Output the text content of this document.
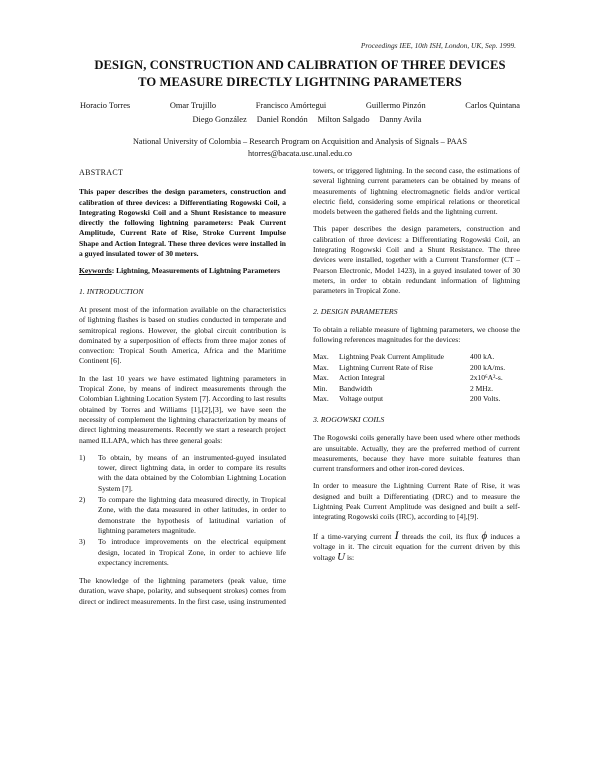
Proceedings IEE, 10th ISH, London, UK, Sep. 1999.
DESIGN, CONSTRUCTION AND CALIBRATION OF THREE DEVICES
TO MEASURE DIRECTLY LIGHTNING PARAMETERS
Horacio Torres	Omar Trujillo	Francisco Amórtegui	Guillermo Pinzón	Carlos Quintana
Diego González Daniel Rondón Milton Salgado Danny Avila
National University of Colombia – Research Program on Acquisition and Analysis of Signals – PAAS
htorres@bacata.usc.unal.edu.co
ABSTRACT

This paper describes the design parameters, construction and calibration of three devices: a Differentiating Rogowski Coil, a Integrating Rogowski Coil and a Shunt Resistance to measure directly the following lightning parameters: Peak Current Amplitude, Current Rate of Rise, Stroke Current Impulse Shape and Action Integral. These three devices were installed in a guyed insulated tower of 30 meters.

Keywords: Lightning, Measurements of Lightning Parameters

1. INTRODUCTION

At present most of the information available on the characteristics of lightning flashes is based on studies conducted in temperate and semitropical regions. However, the global circuit contribution is dominated by a superposition of effects from three major zones of convection: Tropical South America, Africa and the Maritime Continent [6].

In the last 10 years we have estimated lightning parameters in Tropical Zone, by means of indirect measurements through the Colombian Lightning Location System [7]. According to last results obtained by Torres and Williams [1],[2],[3], we have seen the necessity of complement the lightning characterization by means of direct lightning measurements. Recently we start a research project named ILLAPA, which has three general goals:

1)	To obtain, by means of an instrumented-guyed insulated tower, direct lightning data, in order to compare its results with the data obtained by the Colombian Lightning Location System [7].
2)	To compare the lightning data measured directly, in Tropical Zone, with the data measured in other latitudes, in order to demonstrate the hypothesis of latitudinal variation of lightning parameters magnitude.
3)	To introduce improvements on the electrical equipment design, located in Tropical Zone, in order to achieve life expectancy increments.

The knowledge of the lightning parameters (peak value, time duration, wave shape, polarity, and subsequent strokes) comes from direct or indirect measurements. In the first case, using instrumented

towers, or triggered lightning. In the second case, the estimations of several lightning current parameters can be obtained by means of measurements of lightning electromagnetic fields and/or vertical electric field, considering some empirical relations or theoretical models between the gathered fields and the lightning current.

This paper describes the design parameters, construction and calibration of three devices: a Differentiating Rogowski Coil, an Integrating Rogowski Coil and a Shunt Resistance. The three devices were installed, together with a Current Transformer (CT – Pearson Electronic, Model 1423), in a guyed insulated tower of 30 meters, in order to obtain redundant information of lightning parameters in Tropical Zone.

2. DESIGN PARAMETERS

To obtain a reliable measure of lightning parameters, we choose the following references magnitudes for the devices:

Max.	Lightning Peak Current Amplitude	400 kA.
Max.	Lightning Current Rate of Rise	200 kA/ms.
Max.	Action Integral	2x10⁶A²-s.
Min.	Bandwidth	2 MHz.
Max.	Voltage output	200 Volts.
3. ROGOWSKI COILS

The Rogowski coils generally have been used where other methods are unsuitable. Actually, they are the preferred method of current measurements, because they have more suitable features than current transformers and other iron-cored devices.

In order to measure the Lightning Current Rate of Rise, it was designed and built a Differentiating (DRC) and to measure the Lightning Peak Current Amplitude was designed and built a self-integrating Rogowski coils (IRC), according to [4],[9].

If a time-varying current I threads the coil, its flux ϕ induces a voltage in it. The circuit equation for the current driven by this voltage U is:
